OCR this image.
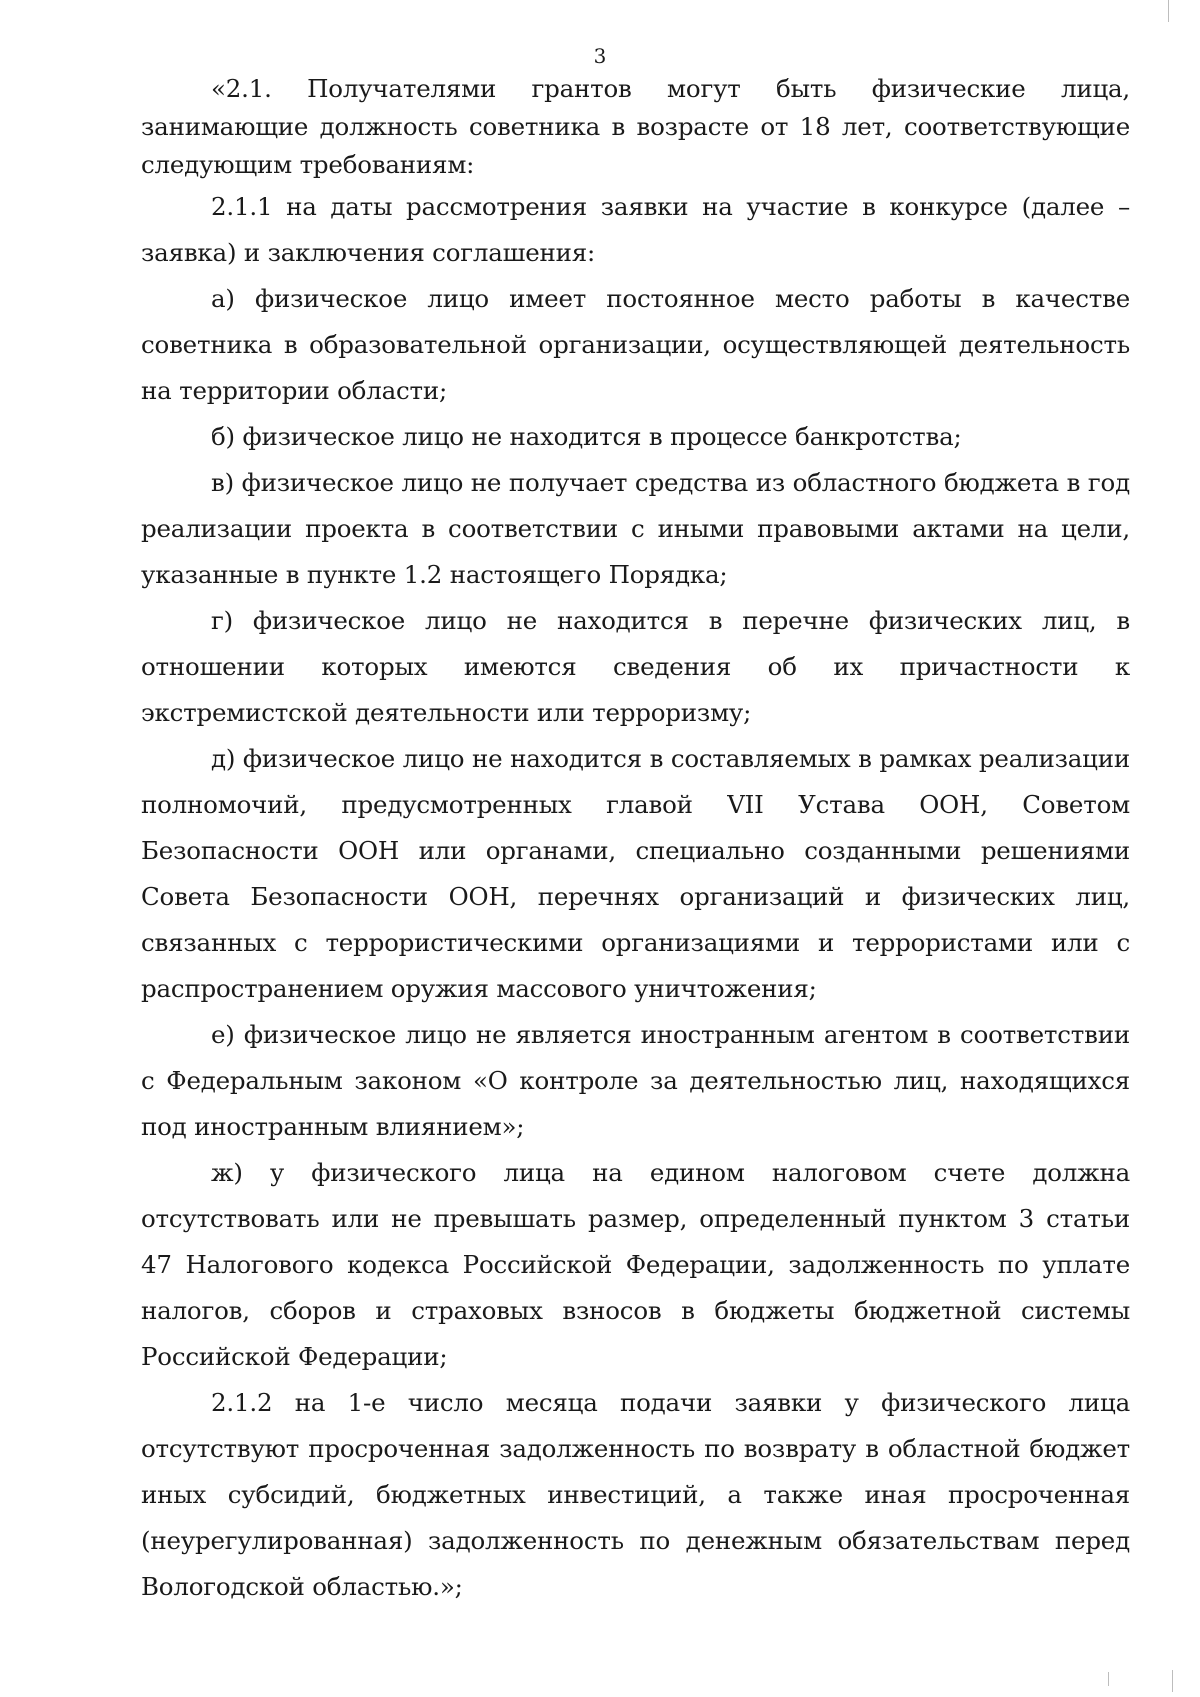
3

«2.1. Получателями грантов могут быть физические лица, занимающие должность советника в возрасте от 18 лет, соответствующие следующим требованиям:

2.1.1 на даты рассмотрения заявки на участие в конкурсе (далее – заявка) и заключения соглашения:

а) физическое лицо имеет постоянное место работы в качестве советника в образовательной организации, осуществляющей деятельность на территории области;

б) физическое лицо не находится в процессе банкротства;

в) физическое лицо не получает средства из областного бюджета в год реализации проекта в соответствии с иными правовыми актами на цели, указанные в пункте 1.2 настоящего Порядка;

г) физическое лицо не находится в перечне физических лиц, в отношении которых имеются сведения об их причастности к экстремистской деятельности или терроризму;

д) физическое лицо не находится в составляемых в рамках реализации полномочий, предусмотренных главой VII Устава ООН, Советом Безопасности ООН или органами, специально созданными решениями Совета Безопасности ООН, перечнях организаций и физических лиц, связанных с террористическими организациями и террористами или с распространением оружия массового уничтожения;

е) физическое лицо не является иностранным агентом в соответствии с Федеральным законом «О контроле за деятельностью лиц, находящихся под иностранным влиянием»;

ж) у физического лица на едином налоговом счете должна отсутствовать или не превышать размер, определенный пунктом 3 статьи 47 Налогового кодекса Российской Федерации, задолженность по уплате налогов, сборов и страховых взносов в бюджеты бюджетной системы Российской Федерации;

2.1.2 на 1-е число месяца подачи заявки у физического лица отсутствуют просроченная задолженность по возврату в областной бюджет иных субсидий, бюджетных инвестиций, а также иная просроченная (неурегулированная) задолженность по денежным обязательствам перед Вологодской областью.»;
